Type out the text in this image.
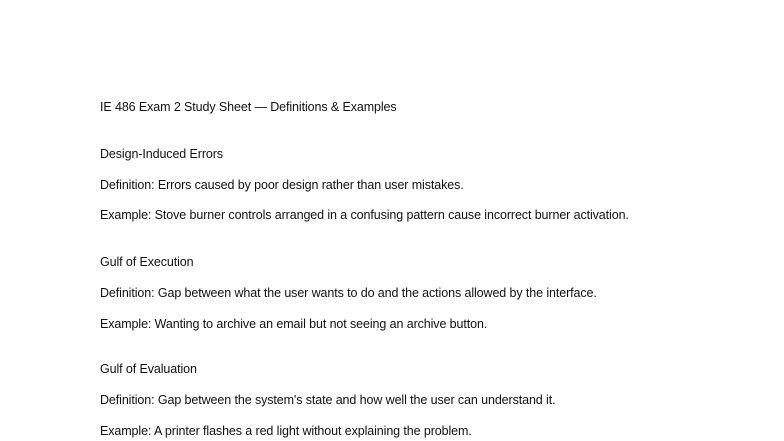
IE 486 Exam 2 Study Sheet — Definitions & Examples
Design-Induced Errors
Definition: Errors caused by poor design rather than user mistakes.
Example: Stove burner controls arranged in a confusing pattern cause incorrect burner activation.
Gulf of Execution
Definition: Gap between what the user wants to do and the actions allowed by the interface.
Example: Wanting to archive an email but not seeing an archive button.
Gulf of Evaluation
Definition: Gap between the system's state and how well the user can understand it.
Example: A printer flashes a red light without explaining the problem.
